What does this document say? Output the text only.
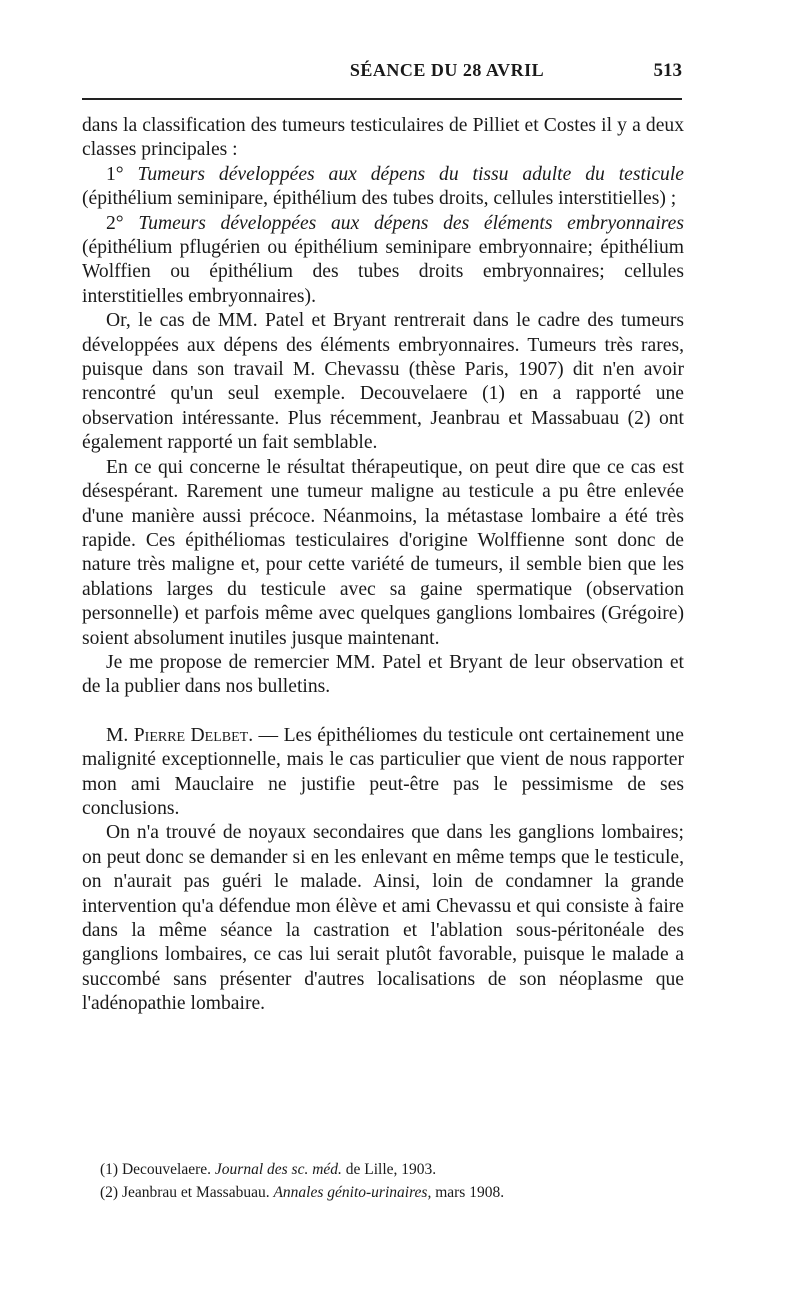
SÉANCE DU 28 AVRIL	513

dans la classification des tumeurs testiculaires de Pilliet et Costes il y a deux classes principales :

1° Tumeurs développées aux dépens du tissu adulte du testicule (épithélium seminipare, épithélium des tubes droits, cellules interstitielles) ;

2° Tumeurs développées aux dépens des éléments embryonnaires (épithélium pflugérien ou épithélium seminipare embryonnaire; épithélium Wolffien ou épithélium des tubes droits embryonnaires; cellules interstitielles embryonnaires).

Or, le cas de MM. Patel et Bryant rentrerait dans le cadre des tumeurs développées aux dépens des éléments embryonnaires. Tumeurs très rares, puisque dans son travail M. Chevassu (thèse Paris, 1907) dit n'en avoir rencontré qu'un seul exemple. Decouvelaere (1) en a rapporté une observation intéressante. Plus récemment, Jeanbrau et Massabuau (2) ont également rapporté un fait semblable.

En ce qui concerne le résultat thérapeutique, on peut dire que ce cas est désespérant. Rarement une tumeur maligne au testicule a pu être enlevée d'une manière aussi précoce. Néanmoins, la métastase lombaire a été très rapide. Ces épithéliomas testiculaires d'origine Wolffienne sont donc de nature très maligne et, pour cette variété de tumeurs, il semble bien que les ablations larges du testicule avec sa gaine spermatique (observation personnelle) et parfois même avec quelques ganglions lombaires (Grégoire) soient absolument inutiles jusque maintenant.

Je me propose de remercier MM. Patel et Bryant de leur observation et de la publier dans nos bulletins.

M. Pierre Delbet. — Les épithéliomes du testicule ont certainement une malignité exceptionnelle, mais le cas particulier que vient de nous rapporter mon ami Mauclaire ne justifie peut-être pas le pessimisme de ses conclusions.

On n'a trouvé de noyaux secondaires que dans les ganglions lombaires; on peut donc se demander si en les enlevant en même temps que le testicule, on n'aurait pas guéri le malade. Ainsi, loin de condamner la grande intervention qu'a défendue mon élève et ami Chevassu et qui consiste à faire dans la même séance la castration et l'ablation sous-péritonéale des ganglions lombaires, ce cas lui serait plutôt favorable, puisque le malade a succombé sans présenter d'autres localisations de son néoplasme que l'adénopathie lombaire.

(1) Decouvelaere. Journal des sc. méd. de Lille, 1903.

(2) Jeanbrau et Massabuau. Annales génito-urinaires, mars 1908.
